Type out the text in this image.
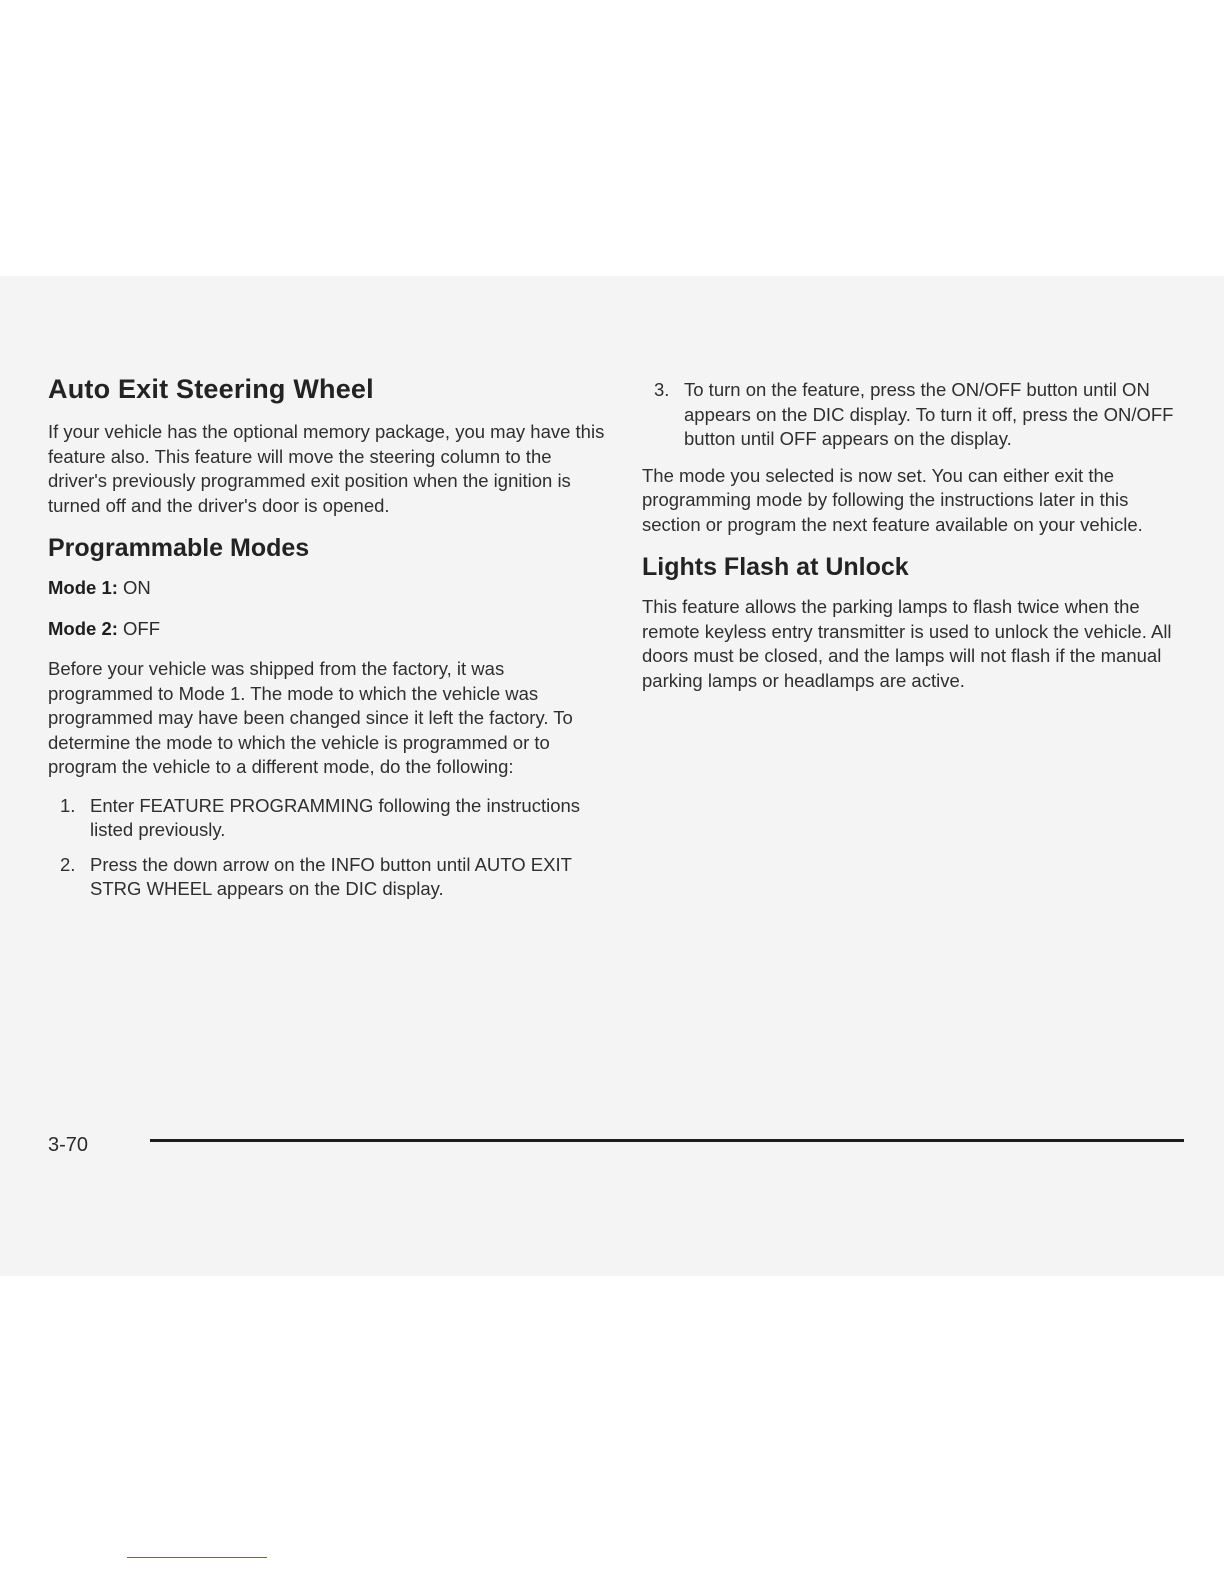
Auto Exit Steering Wheel

If your vehicle has the optional memory package, you may have this feature also. This feature will move the steering column to the driver's previously programmed exit position when the ignition is turned off and the driver's door is opened.

Programmable Modes
Mode 1: ON
Mode 2: OFF

Before your vehicle was shipped from the factory, it was programmed to Mode 1. The mode to which the vehicle was programmed may have been changed since it left the factory. To determine the mode to which the vehicle is programmed or to program the vehicle to a different mode, do the following:

1. Enter FEATURE PROGRAMMING following the instructions listed previously.
2. Press the down arrow on the INFO button until AUTO EXIT STRG WHEEL appears on the DIC display.
3. To turn on the feature, press the ON/OFF button until ON appears on the DIC display. To turn it off, press the ON/OFF button until OFF appears on the display.

The mode you selected is now set. You can either exit the programming mode by following the instructions later in this section or program the next feature available on your vehicle.

Lights Flash at Unlock

This feature allows the parking lamps to flash twice when the remote keyless entry transmitter is used to unlock the vehicle. All doors must be closed, and the lamps will not flash if the manual parking lamps or headlamps are active.

3-70
